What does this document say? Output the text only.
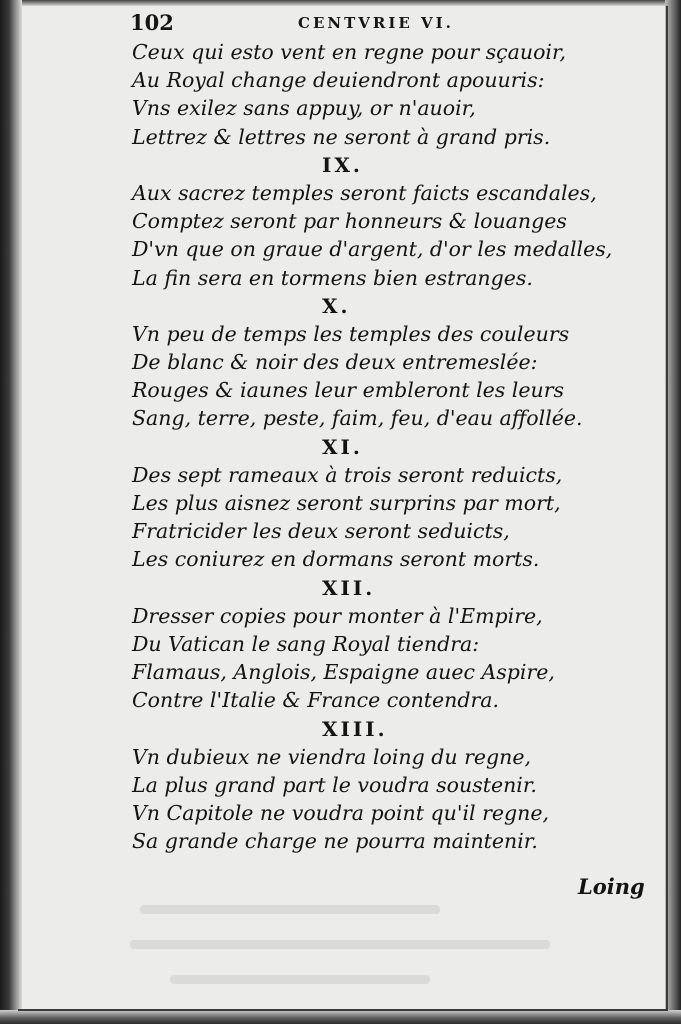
102	CENTVRIE VI.
Ceux qui esto vent en regne pour sçauoir,
Au Royal change deuiendront apouuris:
Vns exilez sans appuy, or n'auoir,
Lettrez & lettres ne seront à grand pris.
IX.
Aux sacrez temples seront faicts escandales,
Comptez seront par honneurs & louanges
D'vn que on graue d'argent, d'or les medalles,
La fin sera en tormens bien estranges.
X.
Vn peu de temps les temples des couleurs
De blanc & noir des deux entremeslée:
Rouges & iaunes leur embleront les leurs
Sang, terre, peste, faim, feu, d'eau affollée.
XI.
Des sept rameaux à trois seront reduicts,
Les plus aisnez seront surprins par mort,
Fratricider les deux seront seduicts,
Les coniurez en dormans seront morts.
XII.
Dresser copies pour monter à l'Empire,
Du Vatican le sang Royal tiendra:
Flamaus, Anglois, Espaigne auec Aspire,
Contre l'Italie & France contendra.
XIII.
Vn dubieux ne viendra loing du regne,
La plus grand part le voudra soustenir.
Vn Capitole ne voudra point qu'il regne,
Sa grande charge ne pourra maintenir.
Loing
